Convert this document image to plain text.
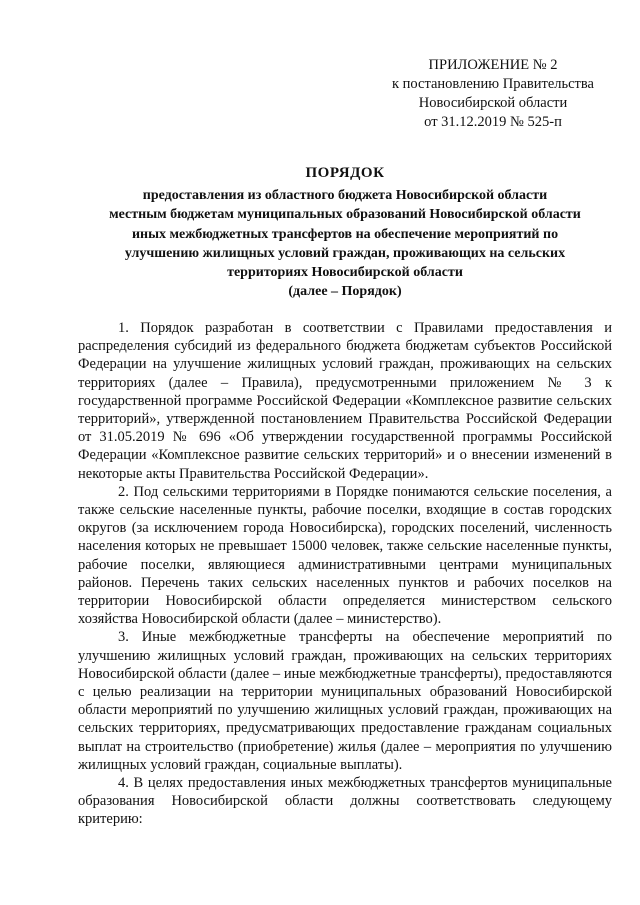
ПРИЛОЖЕНИЕ № 2
к постановлению Правительства
Новосибирской области
от 31.12.2019 № 525-п
ПОРЯДОК
предоставления из областного бюджета Новосибирской области
местным бюджетам муниципальных образований Новосибирской области
иных межбюджетных трансфертов на обеспечение мероприятий по
улучшению жилищных условий граждан, проживающих на сельских
территориях Новосибирской области
(далее – Порядок)

1. Порядок разработан в соответствии с Правилами предоставления и распределения субсидий из федерального бюджета бюджетам субъектов Российской Федерации на улучшение жилищных условий граждан, проживающих на сельских территориях (далее – Правила), предусмотренными приложением № 3 к государственной программе Российской Федерации «Комплексное развитие сельских территорий», утвержденной постановлением Правительства Российской Федерации от 31.05.2019 № 696 «Об утверждении государственной программы Российской Федерации «Комплексное развитие сельских территорий» и о внесении изменений в некоторые акты Правительства Российской Федерации».

2. Под сельскими территориями в Порядке понимаются сельские поселения, а также сельские населенные пункты, рабочие поселки, входящие в состав городских округов (за исключением города Новосибирска), городских поселений, численность населения которых не превышает 15000 человек, также сельские населенные пункты, рабочие поселки, являющиеся административными центрами муниципальных районов. Перечень таких сельских населенных пунктов и рабочих поселков на территории Новосибирской области определяется министерством сельского хозяйства Новосибирской области (далее – министерство).

3. Иные межбюджетные трансферты на обеспечение мероприятий по улучшению жилищных условий граждан, проживающих на сельских территориях Новосибирской области (далее – иные межбюджетные трансферты), предоставляются с целью реализации на территории муниципальных образований Новосибирской области мероприятий по улучшению жилищных условий граждан, проживающих на сельских территориях, предусматривающих предоставление гражданам социальных выплат на строительство (приобретение) жилья (далее – мероприятия по улучшению жилищных условий граждан, социальные выплаты).

4. В целях предоставления иных межбюджетных трансфертов муниципальные образования Новосибирской области должны соответствовать следующему критерию:
